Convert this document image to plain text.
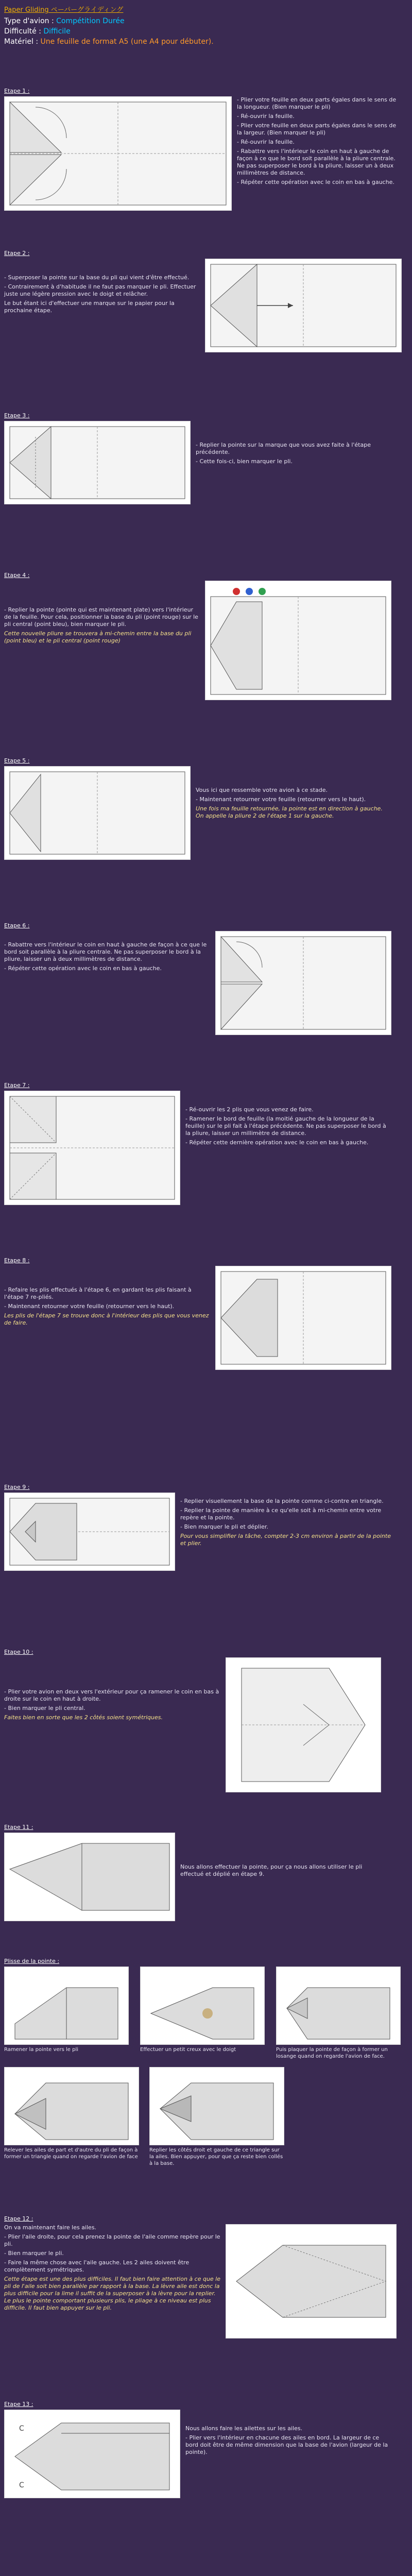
Paper Gliding ペーパーグライディング
Type d'avion : Compétition Durée
Difficulté : Difficile
Matériel : Une feuille de format A5 (une A4 pour débuter).
Etape 1 :

- Plier votre feuille en deux parts égales dans le sens de la longueur. (Bien marquer le pli)

- Ré-ouvrir la feuille.

- Plier votre feuille en deux parts égales dans le sens de la largeur. (Bien marquer le pli)

- Ré-ouvrir la feuille.

- Rabattre vers l'intérieur le coin en haut à gauche de façon à ce que le bord soit parallèle à la pliure centrale. Ne pas superposer le bord à la pliure, laisser un à deux millimètres de distance.

- Répéter cette opération avec le coin en bas à gauche.

Etape 2 :

- Superposer la pointe sur la base du pli qui vient d'être effectué.

- Contrairement à d'habitude il ne faut pas marquer le pli. Effectuer juste une légère pression avec le doigt et relâcher.

Le but étant ici d'effectuer une marque sur le papier pour la prochaine étape.

Etape 3 :

- Replier la pointe sur la marque que vous avez faite à l'étape précédente.

- Cette fois-ci, bien marquer le pli.

Etape 4 :

- Replier la pointe (pointe qui est maintenant plate) vers l'intérieur de la feuille. Pour cela, positionner la base du pli (point rouge) sur le pli central (point bleu), bien marquer le pli.

Cette nouvelle pliure se trouvera à mi-chemin entre la base du pli (point bleu) et le pli central (point rouge)

Etape 5 :

Vous ici que ressemble votre avion à ce stade.

- Maintenant retourner votre feuille (retourner vers le haut).

Une fois ma feuille retournée, la pointe est en direction à gauche. On appelle la pliure 2 de l'étape 1 sur la gauche.

Etape 6 :

- Rabattre vers l'intérieur le coin en haut à gauche de façon à ce que le bord soit parallèle à la pliure centrale. Ne pas superposer le bord à la pliure, laisser un à deux millimètres de distance.

- Répéter cette opération avec le coin en bas à gauche.

Etape 7 :

- Ré-ouvrir les 2 plis que vous venez de faire.

- Ramener le bord de feuille (la moitié gauche de la longueur de la feuille) sur le pli fait à l'étape précédente. Ne pas superposer le bord à la pliure, laisser un millimètre de distance.

- Répéter cette dernière opération avec le coin en bas à gauche.

Etape 8 :

- Refaire les plis effectués à l'étape 6, en gardant les plis faisant à l'étape 7 re-pliés.

- Maintenant retourner votre feuille (retourner vers le haut).

Les plis de l'étape 7 se trouve donc à l'intérieur des plis que vous venez de faire.

Etape 9 :

- Replier visuellement la base de la pointe comme ci-contre en triangle.

- Replier la pointe de manière à ce qu'elle soit à mi-chemin entre votre repère et la pointe.

- Bien marquer le pli et déplier.

Pour vous simplifier la tâche, compter 2-3 cm environ à partir de la pointe et plier.

Etape 10 :

- Plier votre avion en deux vers l'extérieur pour ça ramener le coin en bas à droite sur le coin en haut à droite.

- Bien marquer le pli central.

Faites bien en sorte que les 2 côtés soient symétriques.

Etape 11 :

Nous allons effectuer la pointe, pour ça nous allons utiliser le pli effectué et déplié en étape 9.

Plisse de la pointe :
Ramener la pointe vers le pli	Effectuer un petit creux avec le doigt	Puis plaquer la pointe de façon à former un losange quand on regarde l'avion de face.
Relever les ailes de part et d'autre du pli de façon à former un triangle quand on regarde l'avion de face
Replier les côtés droit et gauche de ce triangle sur la ailes. Bien appuyer, pour que ça reste bien collés à la base.
Etape 12 :

On va maintenant faire les ailes.

- Plier l'aile droite, pour cela prenez la pointe de l'aile comme repère pour le pli.

- Bien marquer le pli.

- Faire la même chose avec l'aile gauche. Les 2 ailes doivent être complètement symétriques.

Cette étape est une des plus difficiles. Il faut bien faire attention à ce que le pli de l'aile soit bien parallèle par rapport à la base. La lèvre aile est donc la plus difficile pour la lime il suffit de la superposer à la lèvre pour la replier. Le plus le pointe comportant plusieurs plis, le pliage à ce niveau est plus difficile. Il faut bien appuyer sur le pli.

Etape 13 :
C
C

Nous allons faire les ailettes sur les ailes.

- Plier vers l'intérieur en chacune des ailes en bord. La largeur de ce bord doit être de même dimension que la base de l'avion (largeur de la pointe).
